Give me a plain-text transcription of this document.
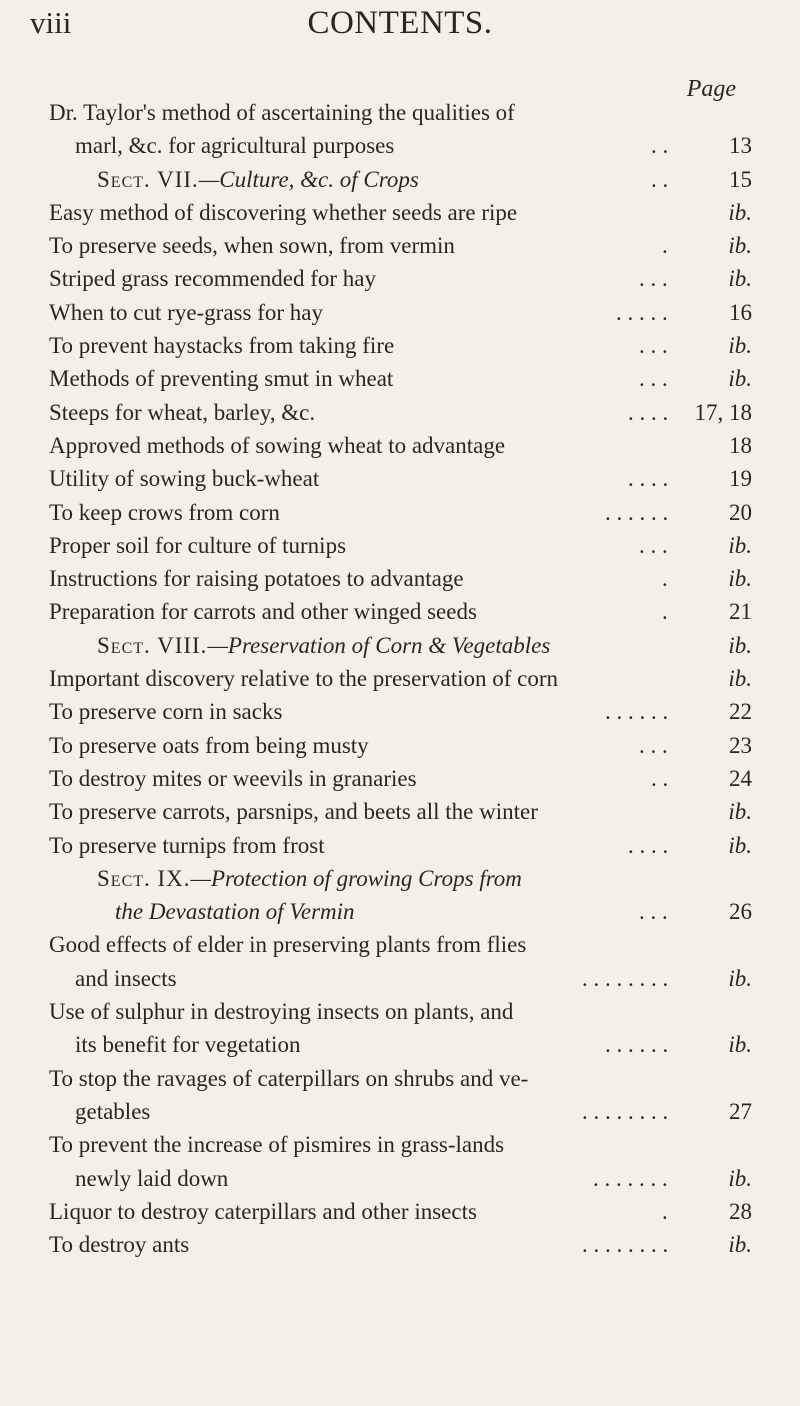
viii	CONTENTS.
Page
Dr. Taylor's method of ascertaining the qualities of
marl, &c. for agricultural purposes	. .	13
Sect. VII.—Culture, &c. of Crops	. .	15
Easy method of discovering whether seeds are ripe	ib.
To preserve seeds, when sown, from vermin	.	ib.
Striped grass recommended for hay	. . .	ib.
When to cut rye-grass for hay	. . . . .	16
To prevent haystacks from taking fire	. . .	ib.
Methods of preventing smut in wheat	. . .	ib.
Steeps for wheat, barley, &c.	. . . . 17, 18
Approved methods of sowing wheat to advantage	18
Utility of sowing buck-wheat	. . . .	19
To keep crows from corn	. . . . . .	20
Proper soil for culture of turnips	. . .	ib.
Instructions for raising potatoes to advantage	.	ib.
Preparation for carrots and other winged seeds	.	21
Sect. VIII.—Preservation of Corn & Vegetables	ib.
Important discovery relative to the preservation of corn	ib.
To preserve corn in sacks	. . . . . .	22
To preserve oats from being musty	. . .	23
To destroy mites or weevils in granaries	. .	24
To preserve carrots, parsnips, and beets all the winter	ib.
To preserve turnips from frost	. . . .	ib.
Sect. IX.—Protection of growing Crops from
the Devastation of Vermin	. . .	26
Good effects of elder in preserving plants from flies
and insects	. . . . . . . .	ib.
Use of sulphur in destroying insects on plants, and
its benefit for vegetation	. . . . . .	ib.
To stop the ravages of caterpillars on shrubs and ve-
getables	. . . . . . . .	27
To prevent the increase of pismires in grass-lands
newly laid down	. . . . . . .	ib.
Liquor to destroy caterpillars and other insects	.	28
To destroy ants	. . . . . . . .	ib.
